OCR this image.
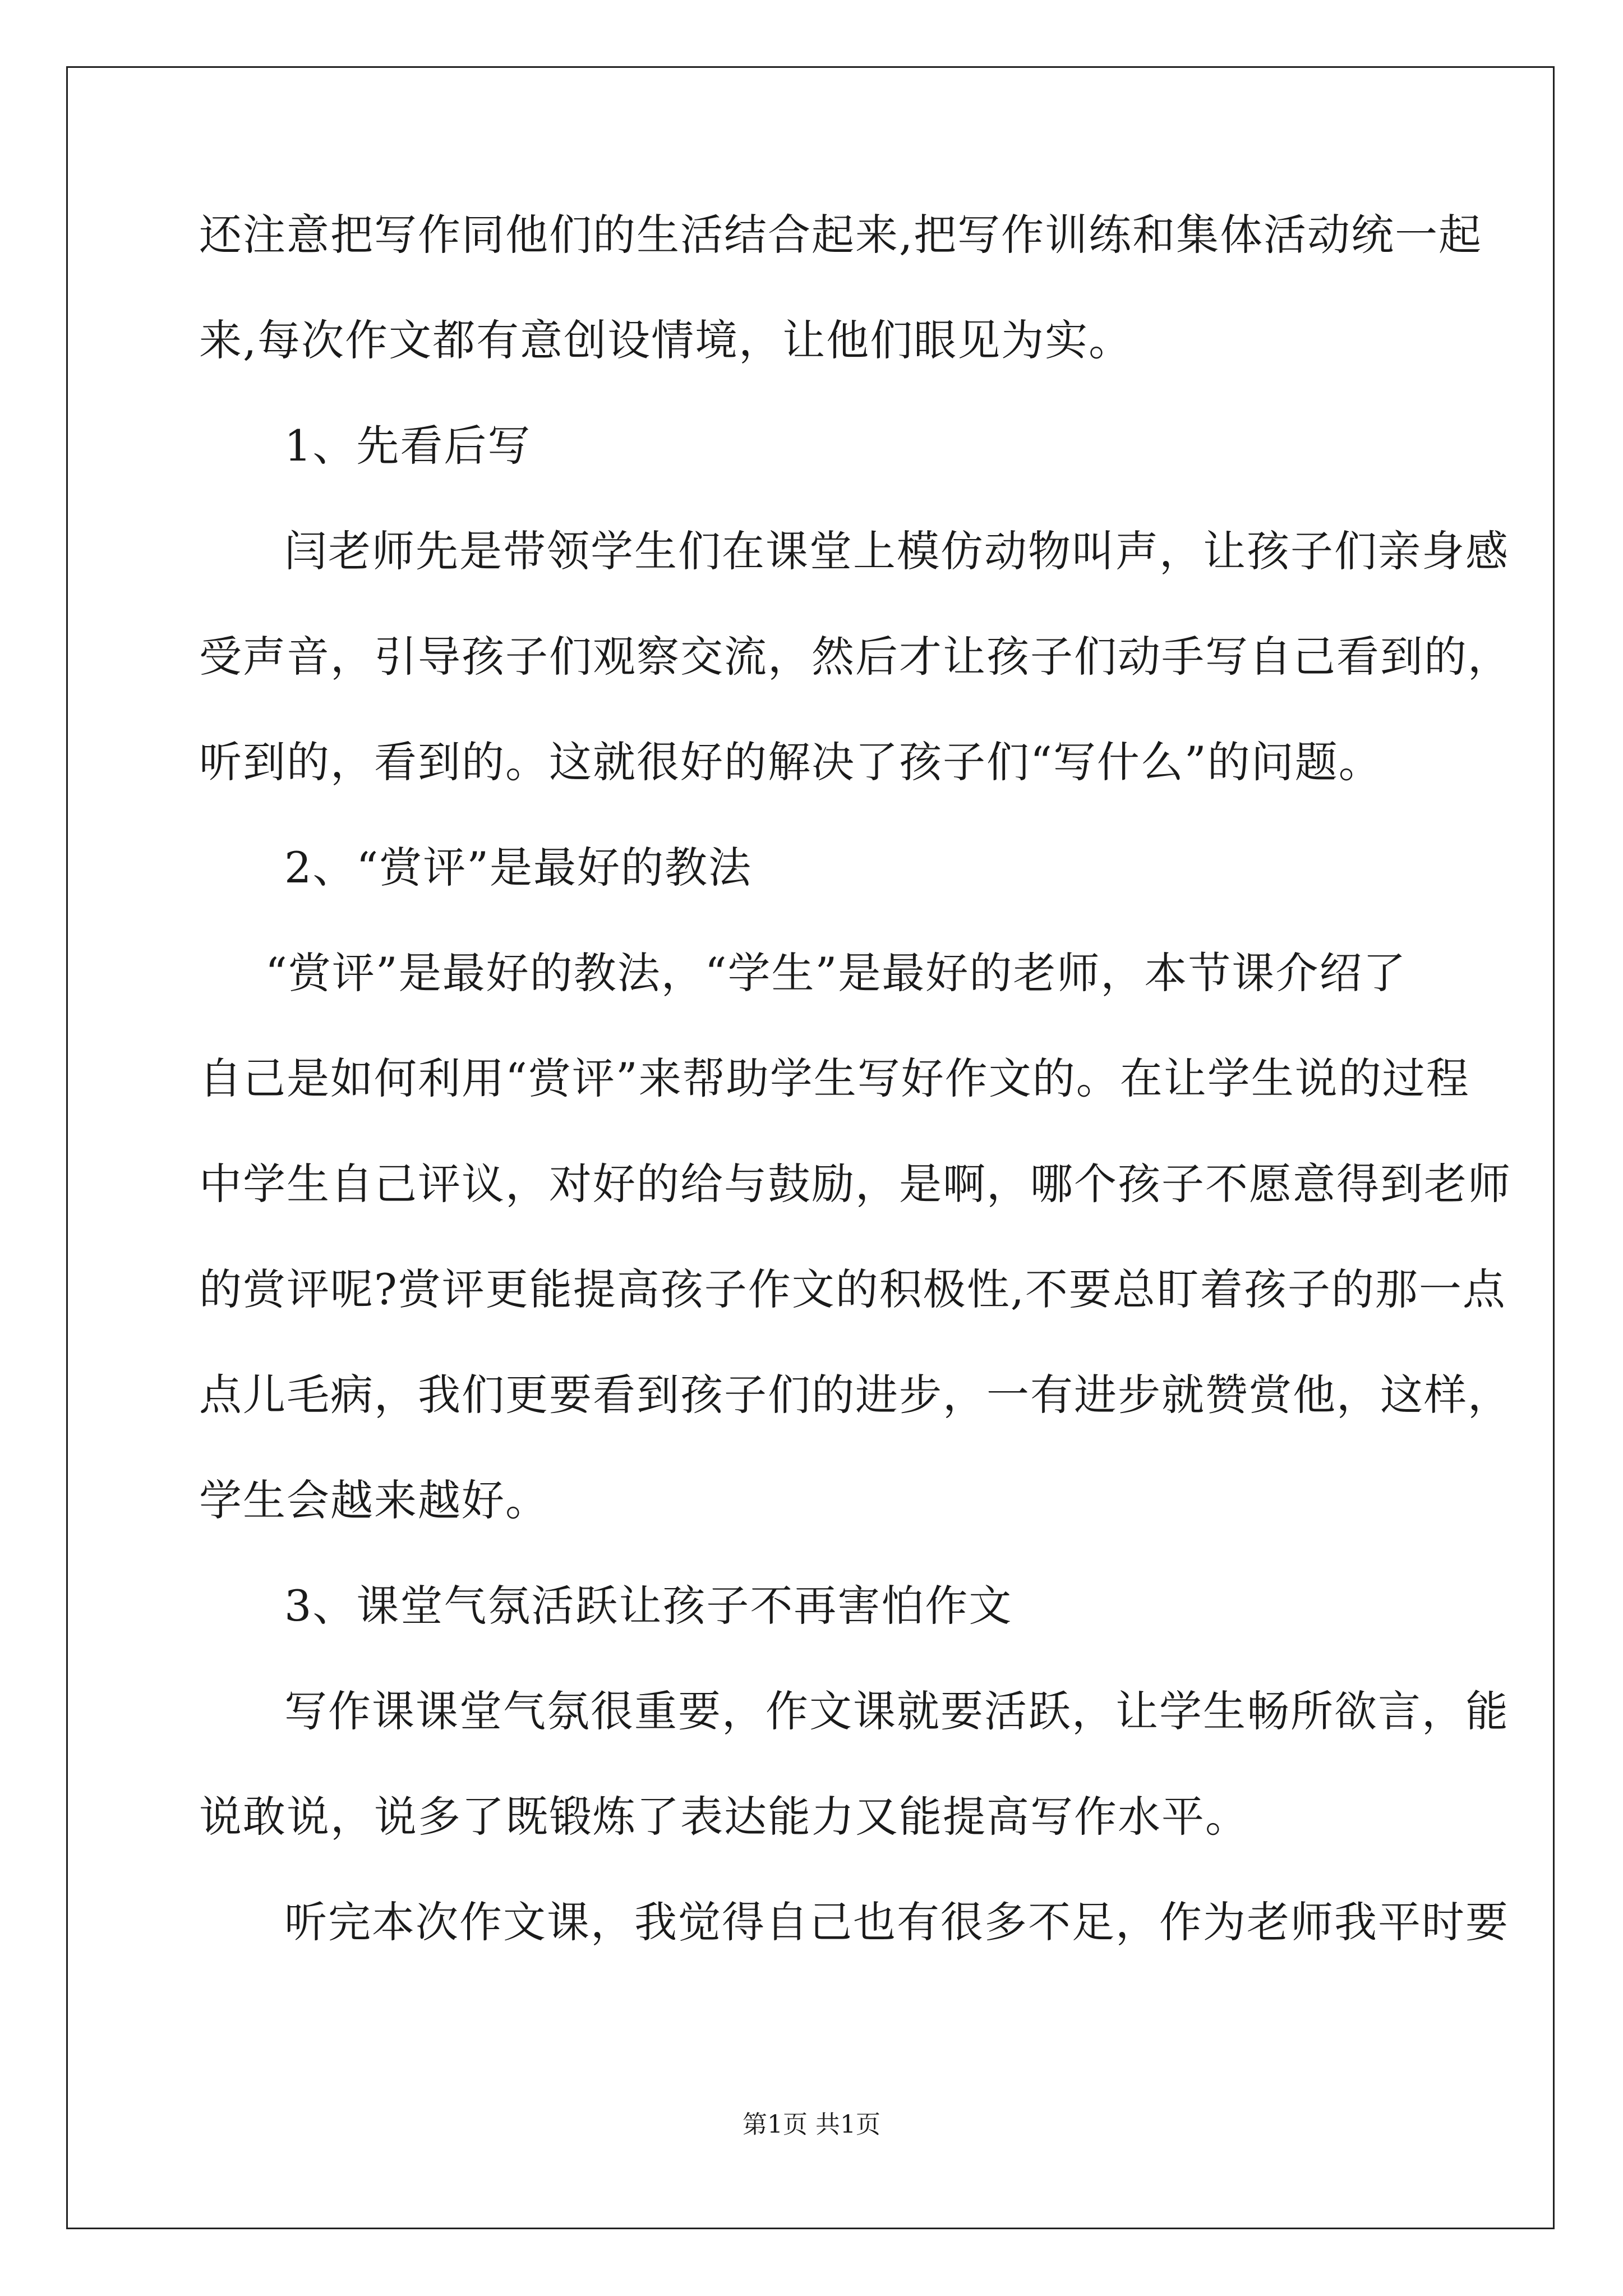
还注意把写作同他们的生活结合起来,把写作训练和集体活动统一起
来,每次作文都有意创设情境，让他们眼见为实。
1、先看后写
闫老师先是带领学生们在课堂上模仿动物叫声，让孩子们亲身感
受声音，引导孩子们观察交流，然后才让孩子们动手写自己看到的，
听到的，看到的。这就很好的解决了孩子们“写什么”的问题。
2、“赏评”是最好的教法
“赏评”是最好的教法，“学生”是最好的老师，本节课介绍了
自己是如何利用“赏评”来帮助学生写好作文的。在让学生说的过程
中学生自己评议，对好的给与鼓励，是啊，哪个孩子不愿意得到老师
的赏评呢?赏评更能提高孩子作文的积极性,不要总盯着孩子的那一点
点儿毛病，我们更要看到孩子们的进步，一有进步就赞赏他，这样，
学生会越来越好。
3、课堂气氛活跃让孩子不再害怕作文
写作课课堂气氛很重要，作文课就要活跃，让学生畅所欲言，能
说敢说，说多了既锻炼了表达能力又能提高写作水平。
听完本次作文课，我觉得自己也有很多不足，作为老师我平时要
第1页 共1页
